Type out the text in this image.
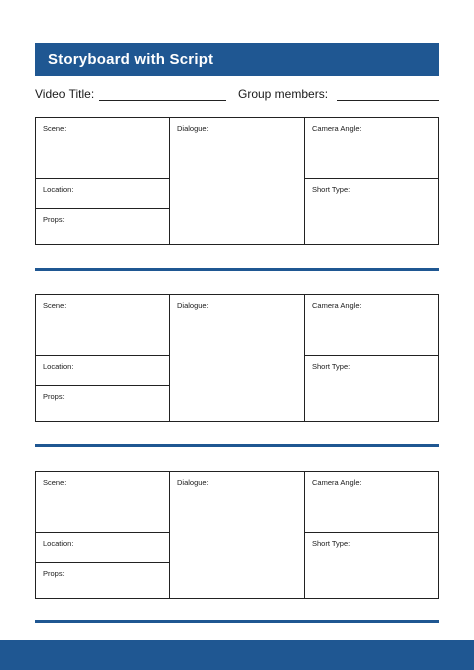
Storyboard with Script
Video Title:	Group members:
Scene:
Location:
Props:
Dialogue:	Camera Angle:
Short Type:
Scene:
Location:
Props:
Dialogue:	Camera Angle:
Short Type:
Scene:
Location:
Props:
Dialogue:	Camera Angle:
Short Type:
